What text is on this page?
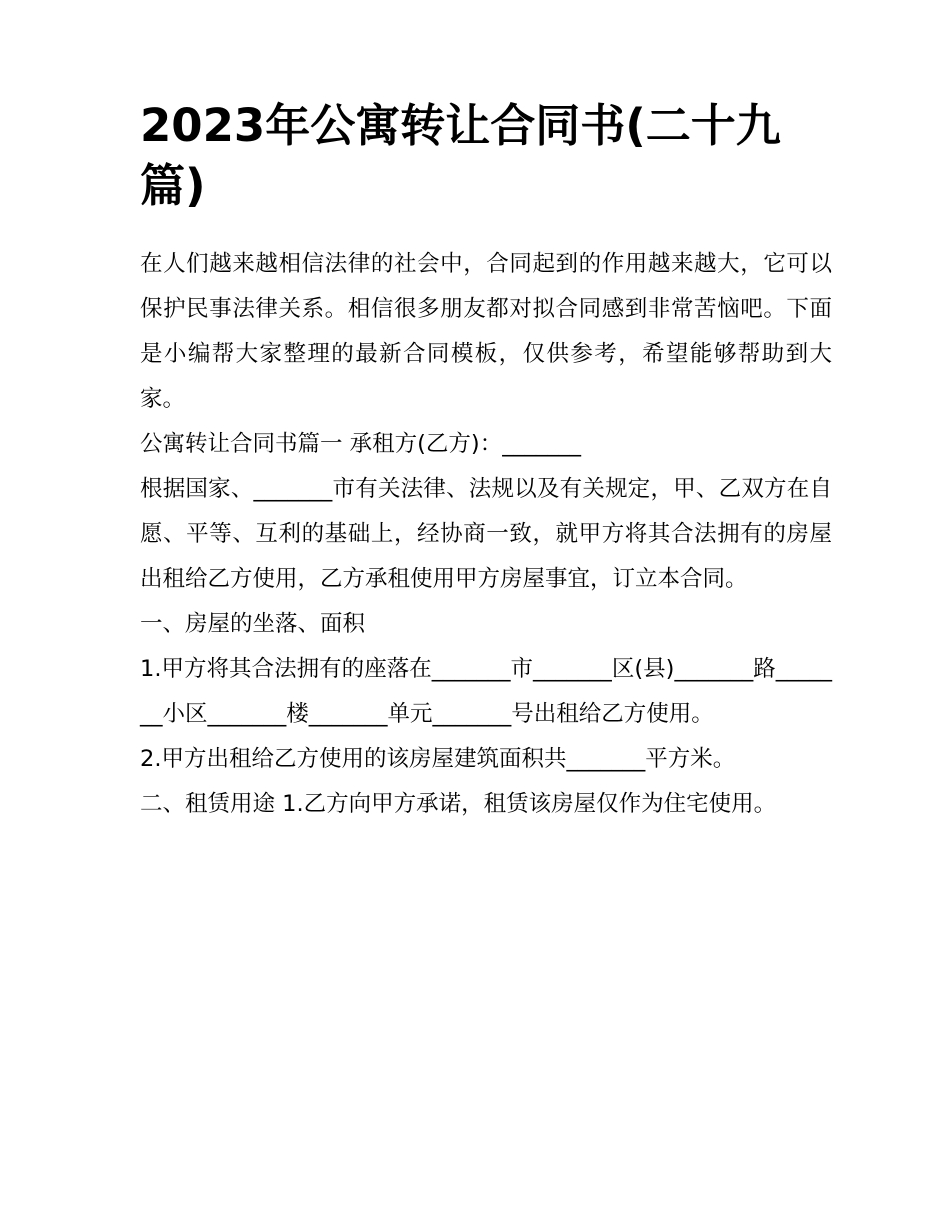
2023年公寓转让合同书(二十九篇)

在人们越来越相信法律的社会中，合同起到的作用越来越大，它可以保护民事法律关系。相信很多朋友都对拟合同感到非常苦恼吧。下面是小编帮大家整理的最新合同模板，仅供参考，希望能够帮助到大家。

公寓转让合同书篇一 承租方(乙方)：_______

根据国家、_______市有关法律、法规以及有关规定，甲、乙双方在自愿、平等、互利的基础上，经协商一致，就甲方将其合法拥有的房屋出租给乙方使用，乙方承租使用甲方房屋事宜，订立本合同。

一、房屋的坐落、面积

1.甲方将其合法拥有的座落在_______市_______区(县)_______路_______小区_______楼_______单元_______号出租给乙方使用。

2.甲方出租给乙方使用的该房屋建筑面积共_______平方米。

二、租赁用途 1.乙方向甲方承诺，租赁该房屋仅作为住宅使用。
